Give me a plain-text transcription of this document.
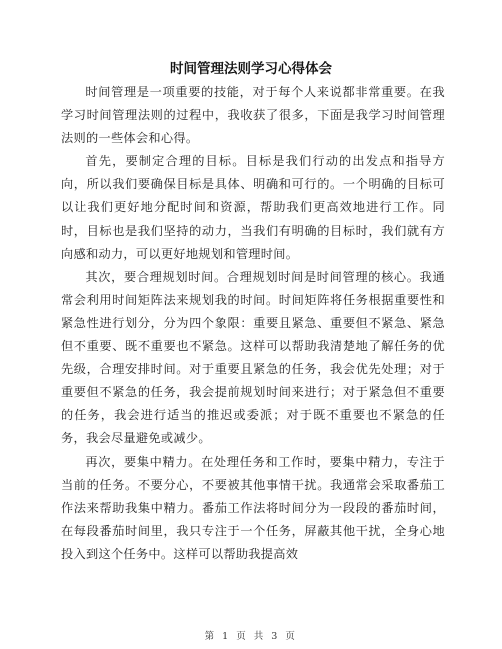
时间管理法则学习心得体会

时间管理是一项重要的技能，对于每个人来说都非常重要。在我学习时间管理法则的过程中，我收获了很多，下面是我学习时间管理法则的一些体会和心得。

首先，要制定合理的目标。目标是我们行动的出发点和指导方向，所以我们要确保目标是具体、明确和可行的。一个明确的目标可以让我们更好地分配时间和资源，帮助我们更高效地进行工作。同时，目标也是我们坚持的动力，当我们有明确的目标时，我们就有方向感和动力，可以更好地规划和管理时间。

其次，要合理规划时间。合理规划时间是时间管理的核心。我通常会利用时间矩阵法来规划我的时间。时间矩阵将任务根据重要性和紧急性进行划分，分为四个象限：重要且紧急、重要但不紧急、紧急但不重要、既不重要也不紧急。这样可以帮助我清楚地了解任务的优先级，合理安排时间。对于重要且紧急的任务，我会优先处理；对于重要但不紧急的任务，我会提前规划时间来进行；对于紧急但不重要的任务，我会进行适当的推迟或委派；对于既不重要也不紧急的任务，我会尽量避免或减少。

再次，要集中精力。在处理任务和工作时，要集中精力，专注于当前的任务。不要分心，不要被其他事情干扰。我通常会采取番茄工作法来帮助我集中精力。番茄工作法将时间分为一段段的番茄时间，在每段番茄时间里，我只专注于一个任务，屏蔽其他干扰，全身心地投入到这个任务中。这样可以帮助我提高效

第 1 页 共 3 页
